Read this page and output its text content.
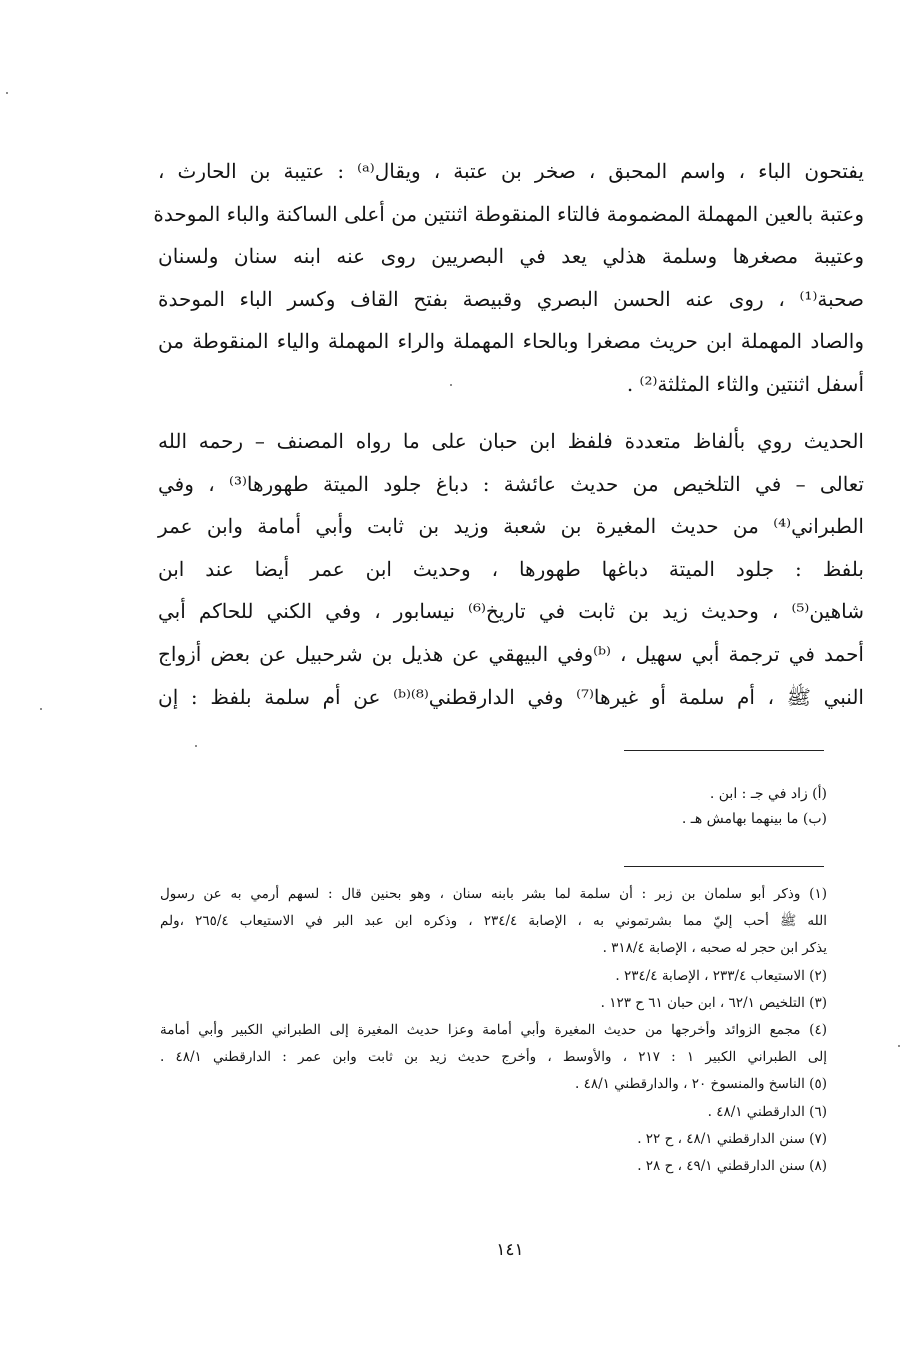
يفتحون الباء ، واسم المحبق ، صخر بن عتبة ، ويقال⁽ᵃ⁾ : عتيبة بن الحارث ،
وعتبة بالعين المهملة المضمومة فالتاء المنقوطة اثنتين من أعلى الساكنة والباء الموحدة
وعتيبة مصغرها وسلمة هذلي يعد في البصريين روى عنه ابنه سنان ولسنان
صحبة⁽¹⁾ ، روى عنه الحسن البصري وقبيصة بفتح القاف وكسر الباء الموحدة
والصاد المهملة ابن حريث مصغرا وبالحاء المهملة والراء المهملة والياء المنقوطة من
أسفل اثنتين والثاء المثلثة⁽²⁾ .
الحديث روي بألفاظ متعددة فلفظ ابن حبان على ما رواه المصنف – رحمه الله
تعالى – في التلخيص من حديث عائشة : دباغ جلود الميتة طهورها⁽³⁾ ، وفي
الطبراني⁽⁴⁾ من حديث المغيرة بن شعبة وزيد بن ثابت وأبي أمامة وابن عمر
بلفظ : جلود الميتة دباغها طهورها ، وحديث ابن عمر أيضا عند ابن
شاهين⁽⁵⁾ ، وحديث زيد بن ثابت في تاريخ⁽⁶⁾ نيسابور ، وفي الكني للحاكم أبي
أحمد في ترجمة أبي سهيل ، ⁽ᵇ⁾وفي البيهقي عن هذيل بن شرحبيل عن بعض أزواج
النبي ﷺ ، أم سلمة أو غيرها⁽⁷⁾ وفي الدارقطني⁽⁸⁾⁽ᵇ⁾ عن أم سلمة بلفظ : إن
(أ) زاد في جـ : ابن .
(ب) ما بينهما بهامش هـ .
(١) وذكر أبو سلمان بن زبر : أن سلمة لما بشر بابنه سنان ، وهو بحنين قال : لسهم أرمي به عن رسول
الله ﷺ أحب إليّ مما بشرتموني به ، الإصابة ٢٣٤/٤ ، وذكره ابن عبد البر في الاستيعاب ٢٦٥/٤ ،ولم
يذكر ابن حجر له صحبه ، الإصابة ٣١٨/٤ .
(٢) الاستيعاب ٢٣٣/٤ ، الإصابة ٢٣٤/٤ .
(٣) التلخيص ٦٢/١ ، ابن حبان ٦١ ح ١٢٣ .
(٤) مجمع الزوائد وأخرجها من حديث المغيرة وأبي أمامة وعزا حديث المغيرة إلى الطبراني الكبير وأبي أمامة
إلى الطبراني الكبير ١ : ٢١٧ ، والأوسط ، وأخرج حديث زيد بن ثابت وابن عمر : الدارقطني ٤٨/١ .
(٥) الناسخ والمنسوخ ٢٠ ، والدارقطني ٤٨/١ .
(٦) الدارقطني ٤٨/١ .
(٧) سنن الدارقطني ٤٨/١ ، ح ٢٢ .
(٨) سنن الدارقطني ٤٩/١ ، ح ٢٨ .
١٤١
